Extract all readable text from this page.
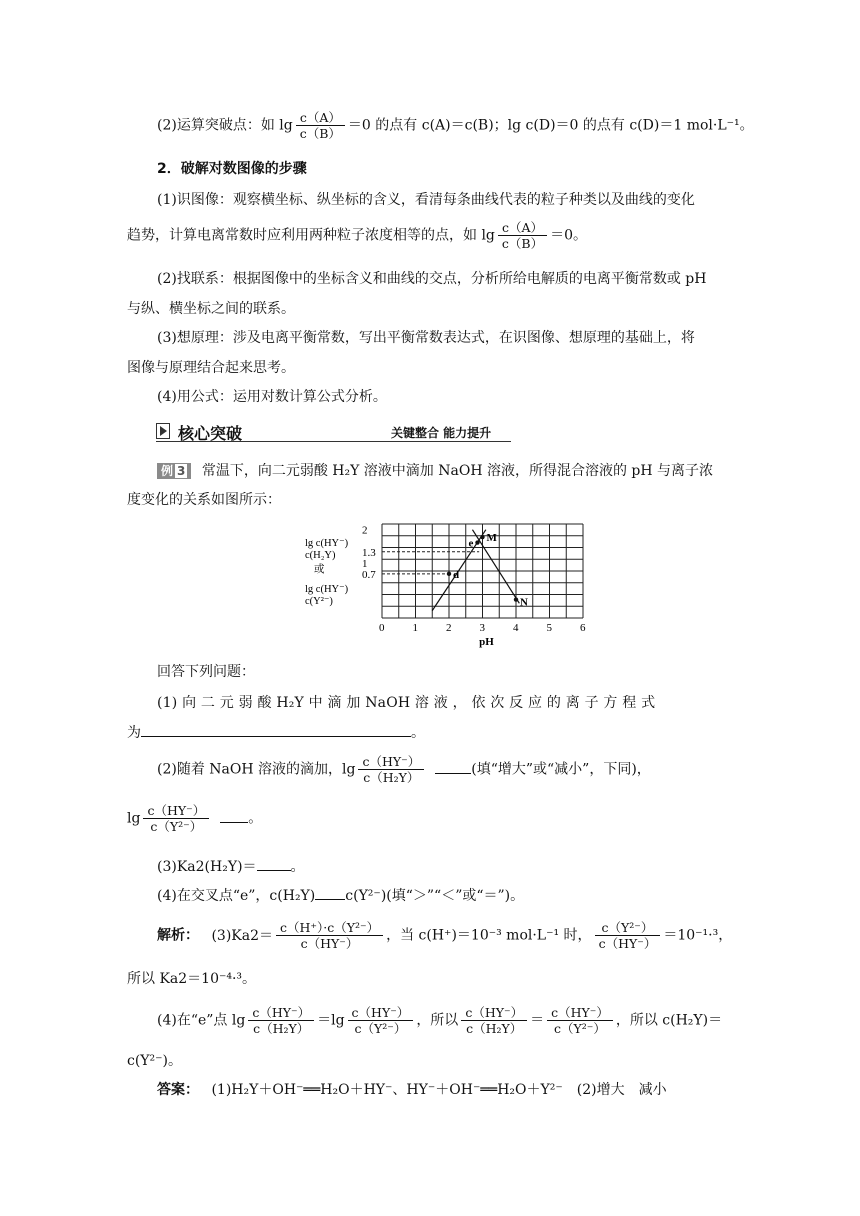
(2)运算突破点：如 $\lg \frac{c(A)}{c(B)} =0$ 的点有 c(A)＝c(B)；lg c(D)＝0 的点有 c(D)＝1 mol·L⁻¹。
2．破解对数图像的步骤
(1)识图像：观察横坐标、纵坐标的含义，看清每条曲线代表的粒子种类以及曲线的变化
趋势，计算电离常数时应利用两种粒子浓度相等的点，如 $\lg \frac{c(A)}{c(B)} =0$。
(2)找联系：根据图像中的坐标含义和曲线的交点，分析所给电解质的电离平衡常数或 pH
与纵、横坐标之间的联系。
(3)想原理：涉及电离平衡常数，写出平衡常数表达式，在识图像、想原理的基础上，将
图像与原理结合起来思考。
(4)用公式：运用对数计算公式分析。
核心突破	关键整合 能力提升
例 3 常温下，向二元弱酸 H₂Y 溶液中滴加 NaOH 溶液，所得混合溶液的 pH 与离子浓
度变化的关系如图所示：
lg c(HY⁻)
c(H₂Y)
或
lg c(HY⁻)
c(Y²⁻)
0	1	2	3	4	5	6
pH
2
1.3
1
0.7	d
e M
N
回答下列问题：
(1) 向 二 元 弱 酸 H₂Y 中 滴 加 NaOH 溶 液 ， 依 次 反 应 的 离 子 方 程 式
为	。
(2)随着 NaOH 溶液的滴加，$\lg \frac{c(HY^-)}{\text{c（H₂Y）}}$	(填“增大”或“减小”，下同)，
$\lg \frac{c(HY^-)}{\text{c（Y²⁻）}}$	。
(3)Ka2(H₂Y)＝ 。
(4)在交叉点“e”，c(H₂Y) c(Y²⁻)(填“＞”“＜”或“＝”)。
解析： $(3)Ka2= \frac{\text{c（H⁺）·c（Y²⁻）}}{c(HY^-)}$ ，当 c(H⁺)＝10⁻³ mol·L⁻¹ 时， $\frac{\text{c（Y²⁻）}}{c(HY^-)} =10^{-1}\cdot^3$，
所以 Ka2＝10⁻⁴·³。
(4)在“e”点 $\lg \frac{c(HY^-)}{\text{c（H₂Y）}} =\lg \frac{c(HY^-)}{\text{c（Y²⁻）}}$ ，所以 $\frac{c(HY^-)}{\text{c（H₂Y）}} = \frac{c(HY^-)}{\text{c（Y²⁻）}}$ ，所以 c(H₂Y)＝
c(Y²⁻)。
答案： (1)H₂Y＋OH⁻══H₂O＋HY⁻、HY⁻＋OH⁻══H₂O＋Y²⁻　(2)增大　减小
